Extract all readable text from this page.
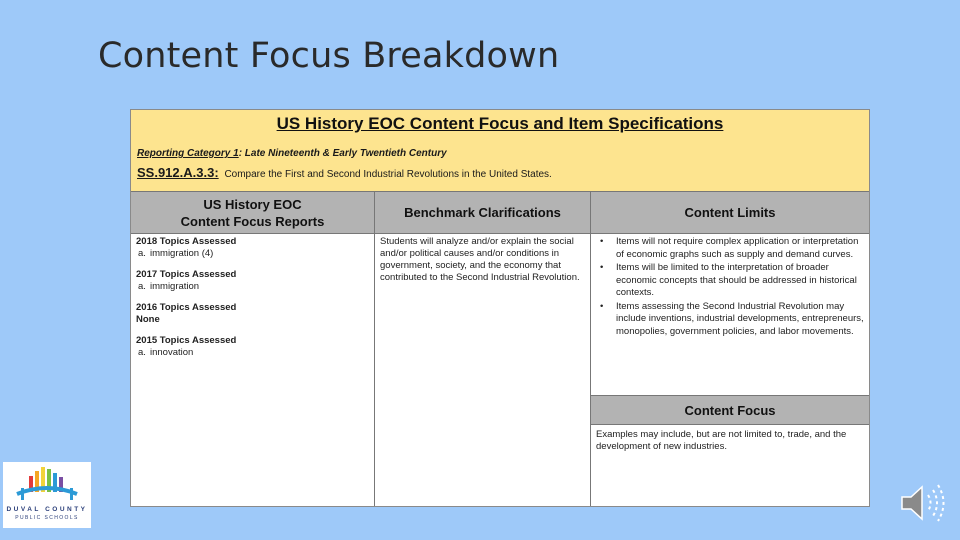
Content Focus Breakdown
US History EOC Content Focus and Item Specifications
Reporting Category 1: Late Nineteenth & Early Twentieth Century
SS.912.A.3.3: Compare the First and Second Industrial Revolutions in the United States.
US History EOC
Content Focus Reports
2018 Topics Assessed
a. immigration (4)
2017 Topics Assessed
a. immigration
2016 Topics Assessed
None
2015 Topics Assessed
a. innovation
Benchmark Clarifications
Students will analyze and/or explain the social and/or political causes and/or conditions in government, society, and the economy that contributed to the Second Industrial Revolution.
Content Limits
• Items will not require complex application or interpretation of economic graphs such as supply and demand curves.
• Items will be limited to the interpretation of broader economic concepts that should be addressed in historical contexts.
• Items assessing the Second Industrial Revolution may include inventions, industrial developments, entrepreneurs, monopolies, government policies, and labor movements.
Content Focus
Examples may include, but are not limited to, trade, and the development of new industries.
DUVAL COUNTY
PUBLIC SCHOOLS
